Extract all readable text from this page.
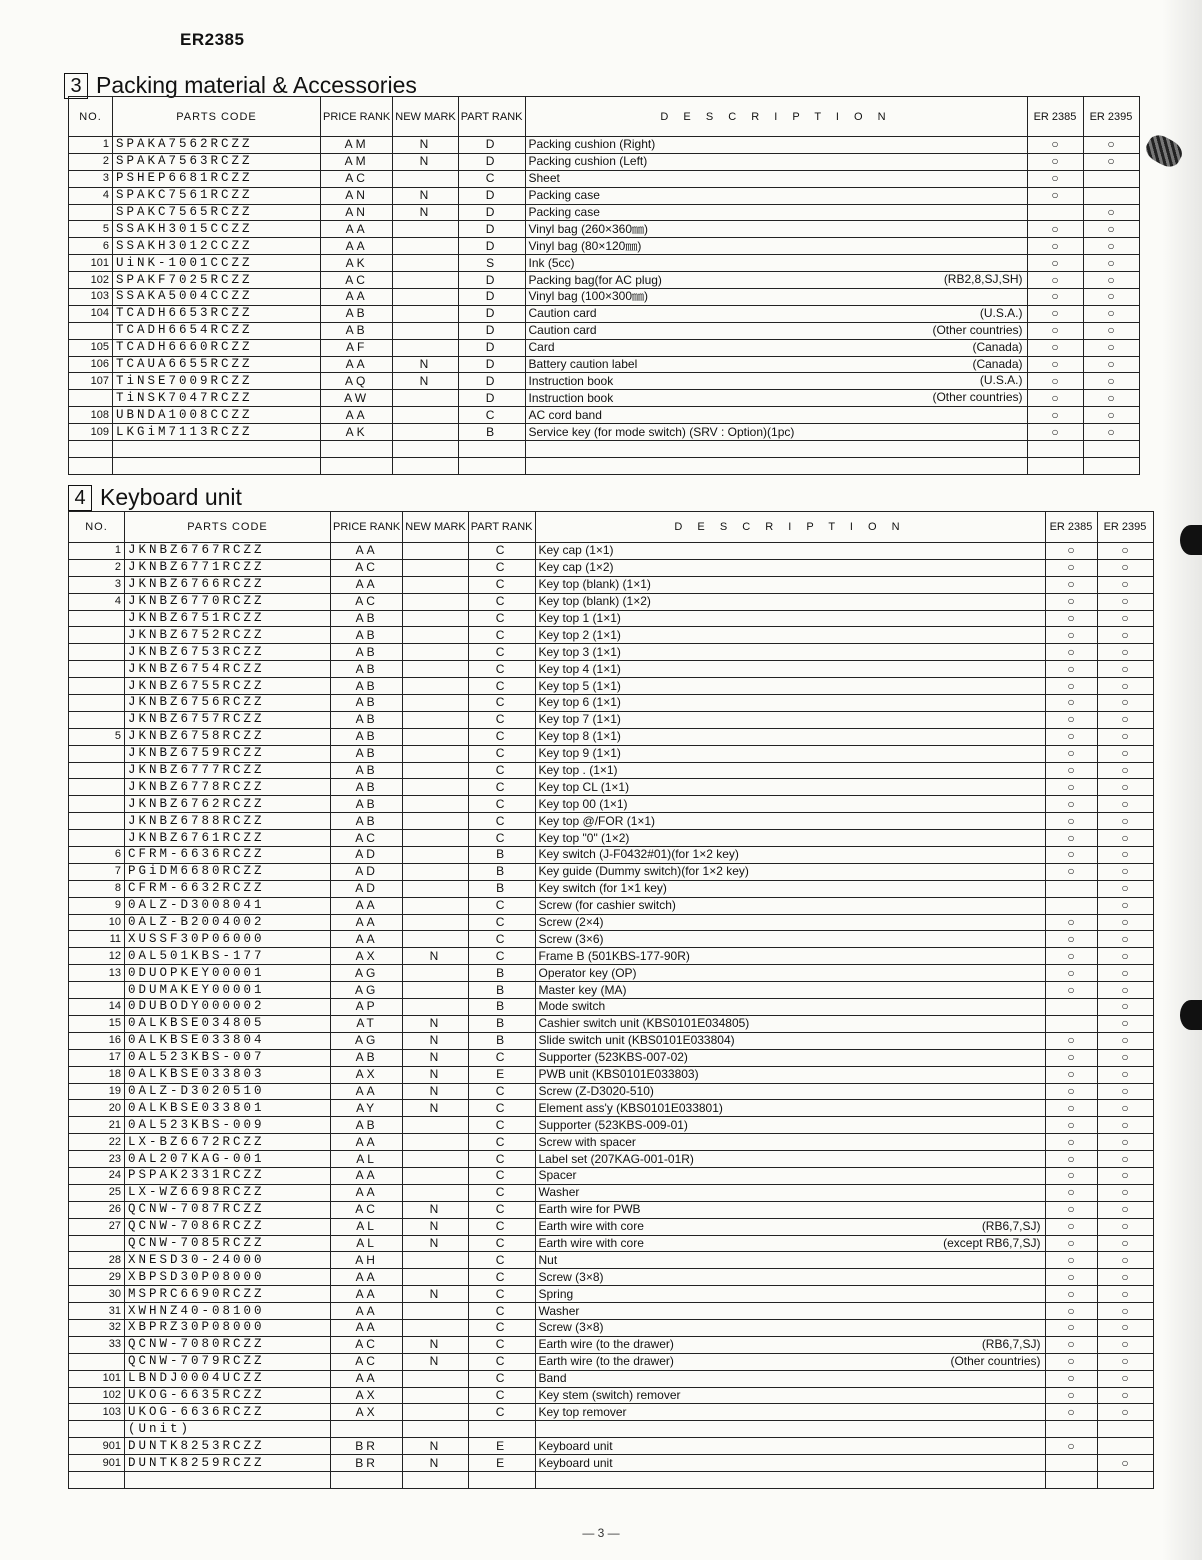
ER2385
3 Packing material & Accessories
NO.	PARTS CODE	PRICE RANK	NEW MARK	PART RANK	D E S C R I P T I O N	ER 2385	ER 2395
1	SPAKA7562RCZZ	AM	N	D	Packing cushion (Right)	○	○
2	SPAKA7563RCZZ	AM	N	D	Packing cushion (Left)	○	○
3	PSHEP6681RCZZ	AC		C	Sheet	○	
4	SPAKC7561RCZZ	AN	N	D	Packing case	○	
	SPAKC7565RCZZ	AN	N	D	Packing case		○
5	SSAKH3015CCZZ	AA		D	Vinyl bag (260×360㎜)	○	○
6	SSAKH3012CCZZ	AA		D	Vinyl bag (80×120㎜)	○	○
101	UiNK-1001CCZZ	AK		S	Ink (5cc)	○	○
102	SPAKF7025RCZZ	AC		D	Packing bag(for AC plug) (RB2,8,SJ,SH)	○	○
103	SSAKA5004CCZZ	AA		D	Vinyl bag (100×300㎜)	○	○
104	TCADH6653RCZZ	AB		D	Caution card (U.S.A.)	○	○
	TCADH6654RCZZ	AB		D	Caution card (Other countries)	○	○
105	TCADH6660RCZZ	AF		D	Card (Canada)	○	○
106	TCAUA6655RCZZ	AA	N	D	Battery caution label (Canada)	○	○
107	TiNSE7009RCZZ	AQ	N	D	Instruction book (U.S.A.)	○	○
	TiNSK7047RCZZ	AW		D	Instruction book (Other countries)	○	○
108	UBNDA1008CCZZ	AA		C	AC cord band	○	○
109	LKGiM7113RCZZ	AK		B	Service key (for mode switch) (SRV : Option)(1pc)	○	○

4 Keyboard unit
NO.	PARTS CODE	PRICE RANK	NEW MARK	PART RANK	D E S C R I P T I O N	ER 2385	ER 2395
1	JKNBZ6767RCZZ	AA		C	Key cap (1×1)	○	○
2	JKNBZ6771RCZZ	AC		C	Key cap (1×2)	○	○
3	JKNBZ6766RCZZ	AA		C	Key top (blank) (1×1)	○	○
4	JKNBZ6770RCZZ	AC		C	Key top (blank) (1×2)	○	○
	JKNBZ6751RCZZ	AB		C	Key top 1 (1×1)	○	○
	JKNBZ6752RCZZ	AB		C	Key top 2 (1×1)	○	○
	JKNBZ6753RCZZ	AB		C	Key top 3 (1×1)	○	○
	JKNBZ6754RCZZ	AB		C	Key top 4 (1×1)	○	○
	JKNBZ6755RCZZ	AB		C	Key top 5 (1×1)	○	○
	JKNBZ6756RCZZ	AB		C	Key top 6 (1×1)	○	○
	JKNBZ6757RCZZ	AB		C	Key top 7 (1×1)	○	○
5	JKNBZ6758RCZZ	AB		C	Key top 8 (1×1)	○	○
	JKNBZ6759RCZZ	AB		C	Key top 9 (1×1)	○	○
	JKNBZ6777RCZZ	AB		C	Key top . (1×1)	○	○
	JKNBZ6778RCZZ	AB		C	Key top CL (1×1)	○	○
	JKNBZ6762RCZZ	AB		C	Key top 00 (1×1)	○	○
	JKNBZ6788RCZZ	AB		C	Key top @/FOR (1×1)	○	○
	JKNBZ6761RCZZ	AC		C	Key top "0" (1×2)	○	○
6	CFRM-6636RCZZ	AD		B	Key switch (J-F0432#01)(for 1×2 key)	○	○
7	PGiDM6680RCZZ	AD		B	Key guide (Dummy switch)(for 1×2 key)	○	○
8	CFRM-6632RCZZ	AD		B	Key switch (for 1×1 key)		○
9	0ALZ-D3008041	AA		C	Screw (for cashier switch)		○
10	0ALZ-B2004002	AA		C	Screw (2×4)	○	○
11	XUSSF30P06000	AA		C	Screw (3×6)	○	○
12	0AL501KBS-177	AX	N	C	Frame B (501KBS-177-90R)	○	○
13	0DUOPKEY00001	AG		B	Operator key (OP)	○	○
	0DUMAKEY00001	AG		B	Master key (MA)	○	○
14	0DUBODY000002	AP		B	Mode switch		○
15	0ALKBSE034805	AT	N	B	Cashier switch unit (KBS0101E034805)		○
16	0ALKBSE033804	AG	N	B	Slide switch unit (KBS0101E033804)	○	○
17	0AL523KBS-007	AB	N	C	Supporter (523KBS-007-02)	○	○
18	0ALKBSE033803	AX	N	E	PWB unit (KBS0101E033803)	○	○
19	0ALZ-D3020510	AA	N	C	Screw (Z-D3020-510)	○	○
20	0ALKBSE033801	AY	N	C	Element ass'y (KBS0101E033801)	○	○
21	0AL523KBS-009	AB		C	Supporter (523KBS-009-01)	○	○
22	LX-BZ6672RCZZ	AA		C	Screw with spacer	○	○
23	0AL207KAG-001	AL		C	Label set (207KAG-001-01R)	○	○
24	PSPAK2331RCZZ	AA		C	Spacer	○	○
25	LX-WZ6698RCZZ	AA		C	Washer	○	○
26	QCNW-7087RCZZ	AC	N	C	Earth wire for PWB	○	○
27	QCNW-7086RCZZ	AL	N	C	Earth wire with core (RB6,7,SJ)	○	○
	QCNW-7085RCZZ	AL	N	C	Earth wire with core (except RB6,7,SJ)	○	○
28	XNESD30-24000	AH		C	Nut	○	○
29	XBPSD30P08000	AA		C	Screw (3×8)	○	○
30	MSPRC6690RCZZ	AA	N	C	Spring	○	○
31	XWHNZ40-08100	AA		C	Washer	○	○
32	XBPRZ30P08000	AA		C	Screw (3×8)	○	○
33	QCNW-7080RCZZ	AC	N	C	Earth wire (to the drawer) (RB6,7,SJ)	○	○
	QCNW-7079RCZZ	AC	N	C	Earth wire (to the drawer) (Other countries)	○	○
101	LBNDJ0004UCZZ	AA		C	Band	○	○
102	UKOG-6635RCZZ	AX		C	Key stem (switch) remover	○	○
103	UKOG-6636RCZZ	AX		C	Key top remover	○	○
	(Unit)				

901	DUNTK8253RCZZ	BR	N	E	Keyboard unit	○	
901	DUNTK8259RCZZ	BR	N	E	Keyboard unit		○

— 3 —
